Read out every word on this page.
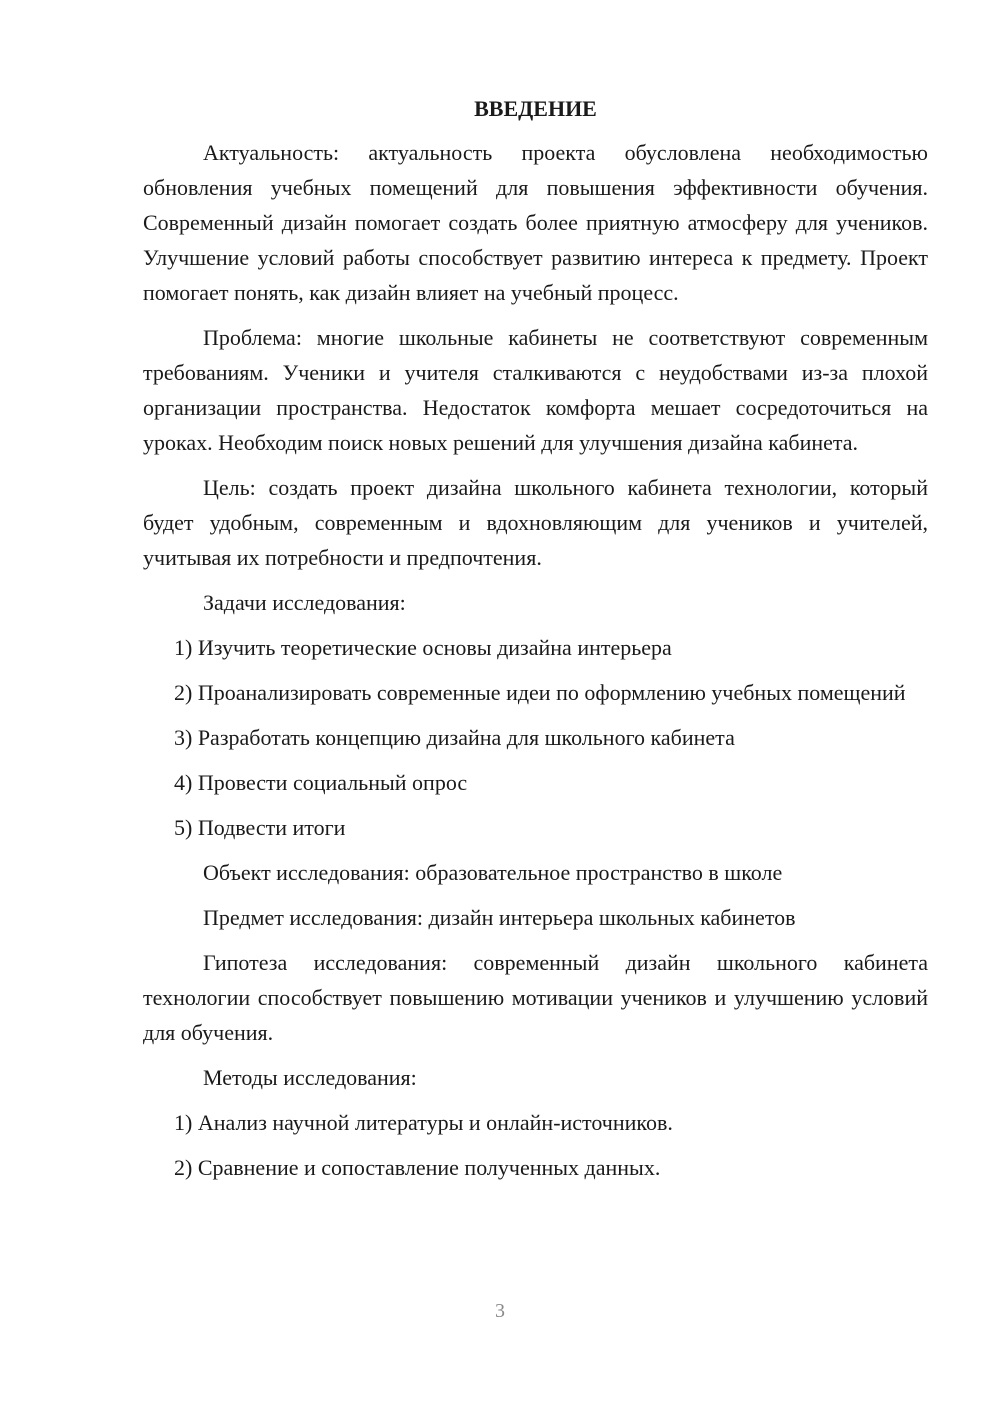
ВВЕДЕНИЕ

Актуальность: актуальность проекта обусловлена необходимостью обновления учебных помещений для повышения эффективности обучения. Современный дизайн помогает создать более приятную атмосферу для учеников. Улучшение условий работы способствует развитию интереса к предмету. Проект помогает понять, как дизайн влияет на учебный процесс.

Проблема: многие школьные кабинеты не соответствуют современным требованиям. Ученики и учителя сталкиваются с неудобствами из-за плохой организации пространства. Недостаток комфорта мешает сосредоточиться на уроках. Необходим поиск новых решений для улучшения дизайна кабинета.

Цель: создать проект дизайна школьного кабинета технологии, который будет удобным, современным и вдохновляющим для учеников и учителей, учитывая их потребности и предпочтения.

Задачи исследования:

1) Изучить теоретические основы дизайна интерьера

2) Проанализировать современные идеи по оформлению учебных помещений

3) Разработать концепцию дизайна для школьного кабинета

4) Провести социальный опрос

5) Подвести итоги

Объект исследования: образовательное пространство в школе

Предмет исследования: дизайн интерьера школьных кабинетов

Гипотеза исследования: современный дизайн школьного кабинета технологии способствует повышению мотивации учеников и улучшению условий для обучения.

Методы исследования:

1) Анализ научной литературы и онлайн-источников.

2) Сравнение и сопоставление полученных данных.

3
